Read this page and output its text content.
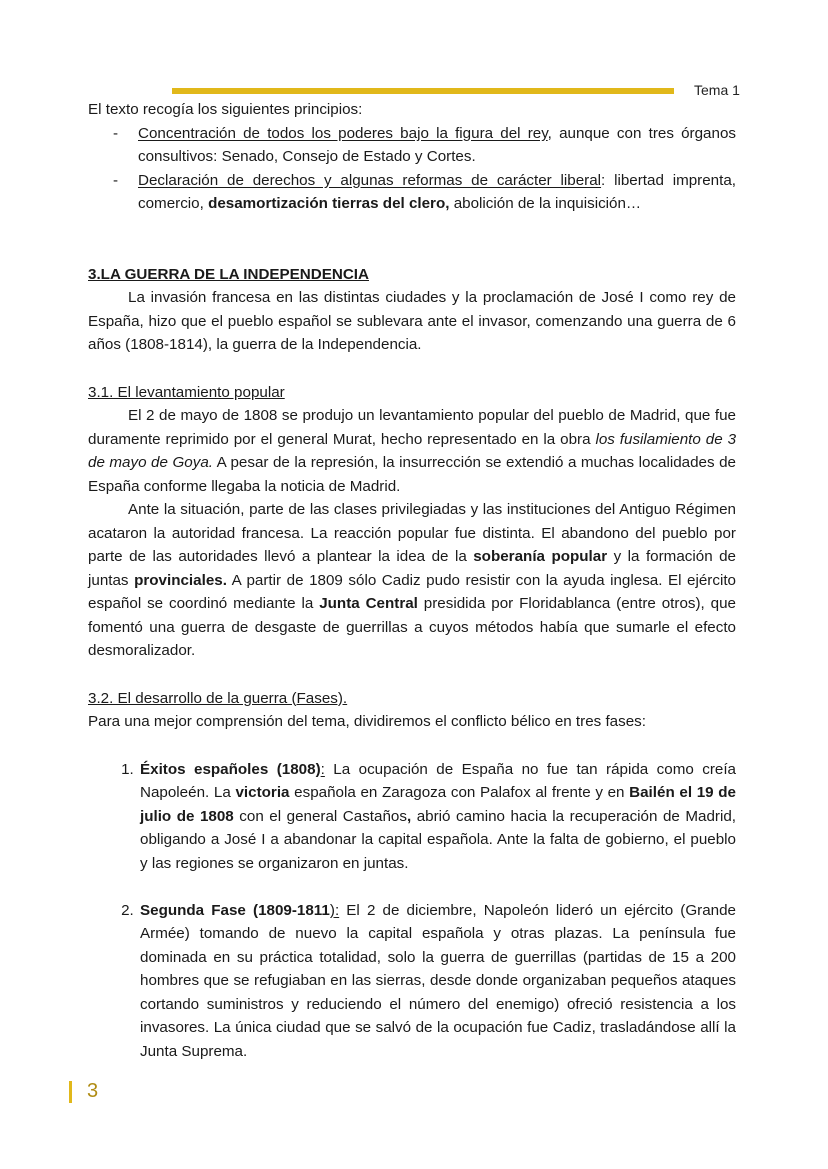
Tema 1

El texto recogía los siguientes principios:

- Concentración de todos los poderes bajo la figura del rey, aunque con tres órganos consultivos: Senado, Consejo de Estado y Cortes.
- Declaración de derechos y algunas reformas de carácter liberal: libertad imprenta, comercio, desamortización tierras del clero, abolición de la inquisición…

3.LA GUERRA DE LA INDEPENDENCIA

La invasión francesa en las distintas ciudades y la proclamación de José I como rey de España, hizo que el pueblo español se sublevara ante el invasor, comenzando una guerra de 6 años (1808-1814), la guerra de la Independencia.

3.1. El levantamiento popular

El 2 de mayo de 1808 se produjo un levantamiento popular del pueblo de Madrid, que fue duramente reprimido por el general Murat, hecho representado en la obra los fusilamiento de 3 de mayo de Goya. A pesar de la represión, la insurrección se extendió a muchas localidades de España conforme llegaba la noticia de Madrid.

Ante la situación, parte de las clases privilegiadas y las instituciones del Antiguo Régimen acataron la autoridad francesa. La reacción popular fue distinta. El abandono del pueblo por parte de las autoridades llevó a plantear la idea de la soberanía popular y la formación de juntas provinciales. A partir de 1809 sólo Cadiz pudo resistir con la ayuda inglesa. El ejército español se coordinó mediante la Junta Central presidida por Floridablanca (entre otros), que fomentó una guerra de desgaste de guerrillas a cuyos métodos había que sumarle el efecto desmoralizador.

3.2. El desarrollo de la guerra (Fases).

Para una mejor comprensión del tema, dividiremos el conflicto bélico en tres fases:

1. Éxitos españoles (1808): La ocupación de España no fue tan rápida como creía Napoleén. La victoria española en Zaragoza con Palafox al frente y en Bailén el 19 de julio de 1808 con el general Castaños, abrió camino hacia la recuperación de Madrid, obligando a José I a abandonar la capital española. Ante la falta de gobierno, el pueblo y las regiones se organizaron en juntas.
2. Segunda Fase (1809-1811): El 2 de diciembre, Napoleón lideró un ejército (Grande Armée) tomando de nuevo la capital española y otras plazas. La península fue dominada en su práctica totalidad, solo la guerra de guerrillas (partidas de 15 a 200 hombres que se refugiaban en las sierras, desde donde organizaban pequeños ataques cortando suministros y reduciendo el número del enemigo) ofreció resistencia a los invasores. La única ciudad que se salvó de la ocupación fue Cadiz, trasladándose allí la Junta Suprema.
3
